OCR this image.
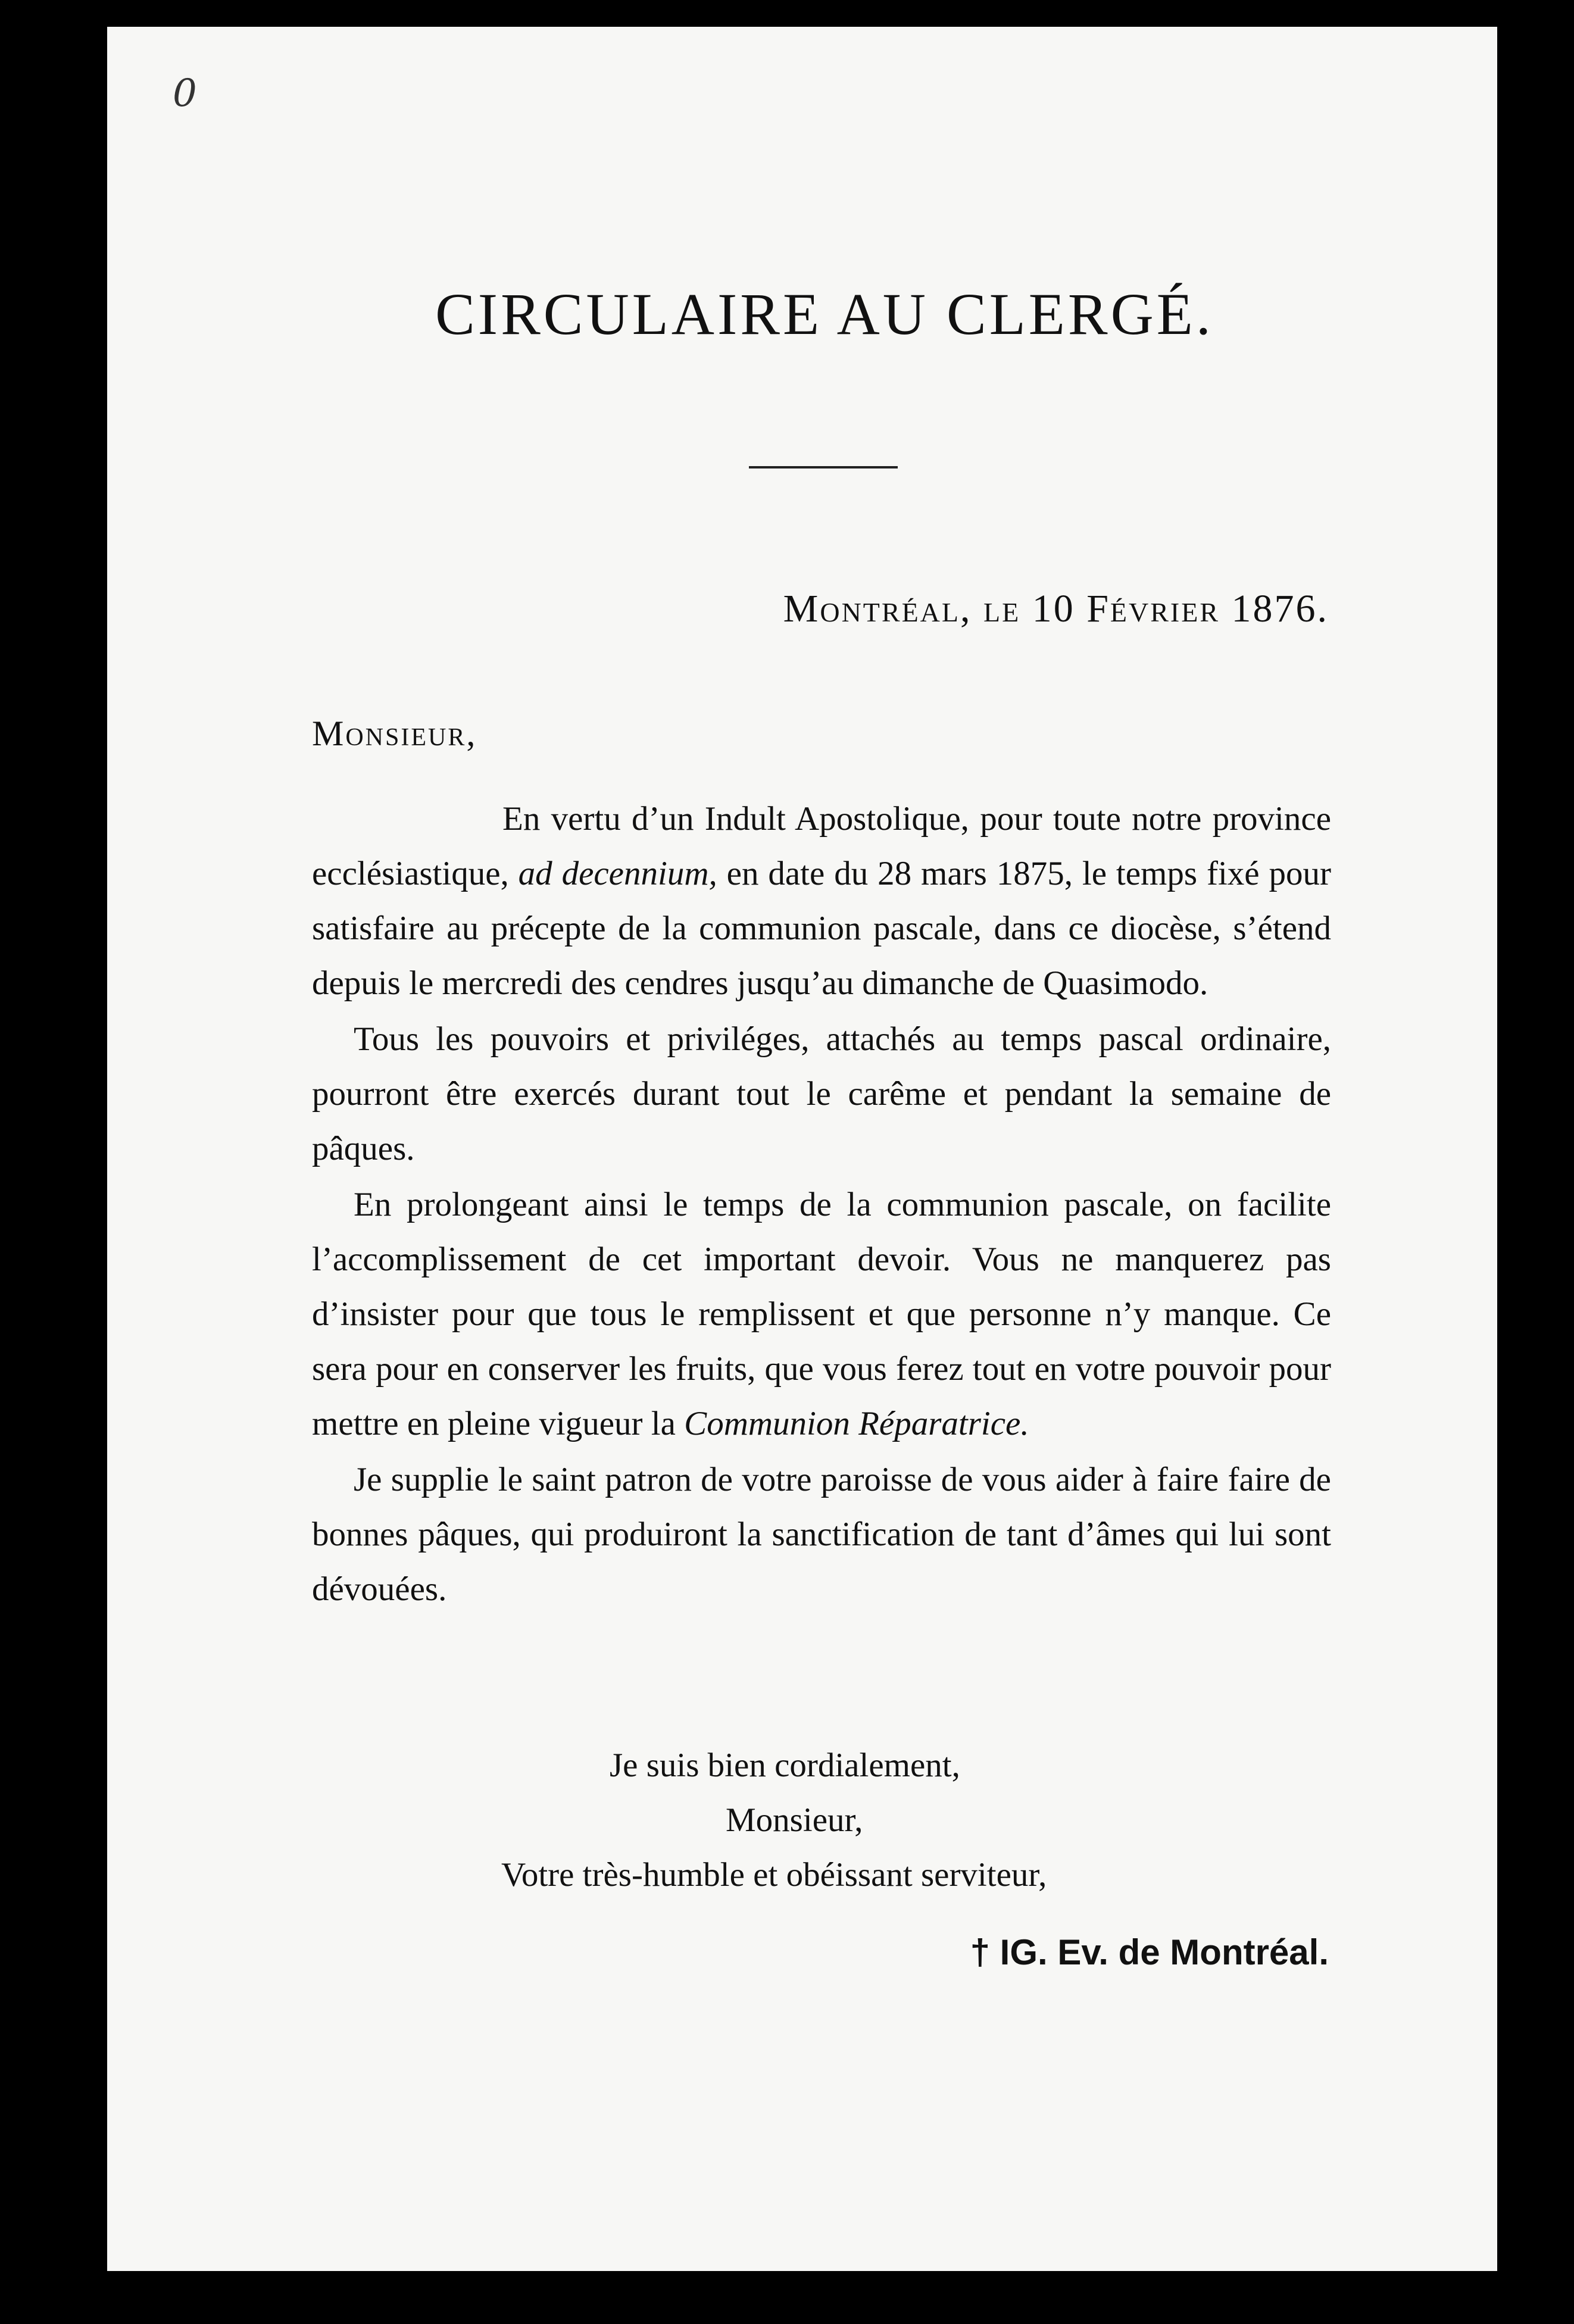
0
CIRCULAIRE AU CLERGÉ.
Montréal, le 10 Février 1876.
Monsieur,

En vertu d’un Indult Apostolique, pour toute notre province ecclésiastique, ad decennium, en date du 28 mars 1875, le temps fixé pour satisfaire au précepte de la communion pascale, dans ce diocèse, s’étend depuis le mercredi des cendres jusqu’au dimanche de Quasimodo.

Tous les pouvoirs et priviléges, attachés au temps pascal ordinaire, pourront être exercés durant tout le carême et pendant la semaine de pâques.

En prolongeant ainsi le temps de la communion pascale, on facilite l’accomplissement de cet important devoir. Vous ne manquerez pas d’insister pour que tous le remplissent et que personne n’y manque. Ce sera pour en conserver les fruits, que vous ferez tout en votre pouvoir pour mettre en pleine vigueur la Communion Réparatrice.

Je supplie le saint patron de votre paroisse de vous aider à faire faire de bonnes pâques, qui produiront la sanctification de tant d’âmes qui lui sont dévouées.

Je suis bien cordialement,
Monsieur,
Votre très-humble et obéissant serviteur,
† IG. Ev. de Montréal.
